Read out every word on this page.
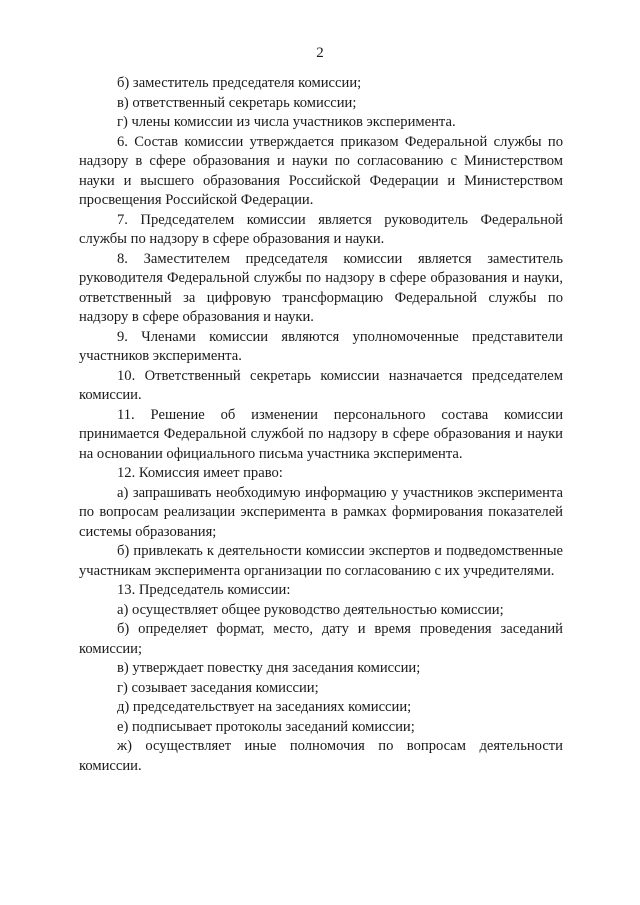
2

б) заместитель председателя комиссии;

в) ответственный секретарь комиссии;

г) члены комиссии из числа участников эксперимента.

6. Состав комиссии утверждается приказом Федеральной службы по надзору в сфере образования и науки по согласованию с Министерством науки и высшего образования Российской Федерации и Министерством просвещения Российской Федерации.

7. Председателем комиссии является руководитель Федеральной службы по надзору в сфере образования и науки.

8. Заместителем председателя комиссии является заместитель руководителя Федеральной службы по надзору в сфере образования и науки, ответственный за цифровую трансформацию Федеральной службы по надзору в сфере образования и науки.

9. Членами комиссии являются уполномоченные представители участников эксперимента.

10. Ответственный секретарь комиссии назначается председателем комиссии.

11. Решение об изменении персонального состава комиссии принимается Федеральной службой по надзору в сфере образования и науки на основании официального письма участника эксперимента.

12. Комиссия имеет право:

а) запрашивать необходимую информацию у участников эксперимента по вопросам реализации эксперимента в рамках формирования показателей системы образования;

б) привлекать к деятельности комиссии экспертов и подведомственные участникам эксперимента организации по согласованию с их учредителями.

13. Председатель комиссии:

а) осуществляет общее руководство деятельностью комиссии;

б) определяет формат, место, дату и время проведения заседаний комиссии;

в) утверждает повестку дня заседания комиссии;

г) созывает заседания комиссии;

д) председательствует на заседаниях комиссии;

е) подписывает протоколы заседаний комиссии;

ж) осуществляет иные полномочия по вопросам деятельности комиссии.
